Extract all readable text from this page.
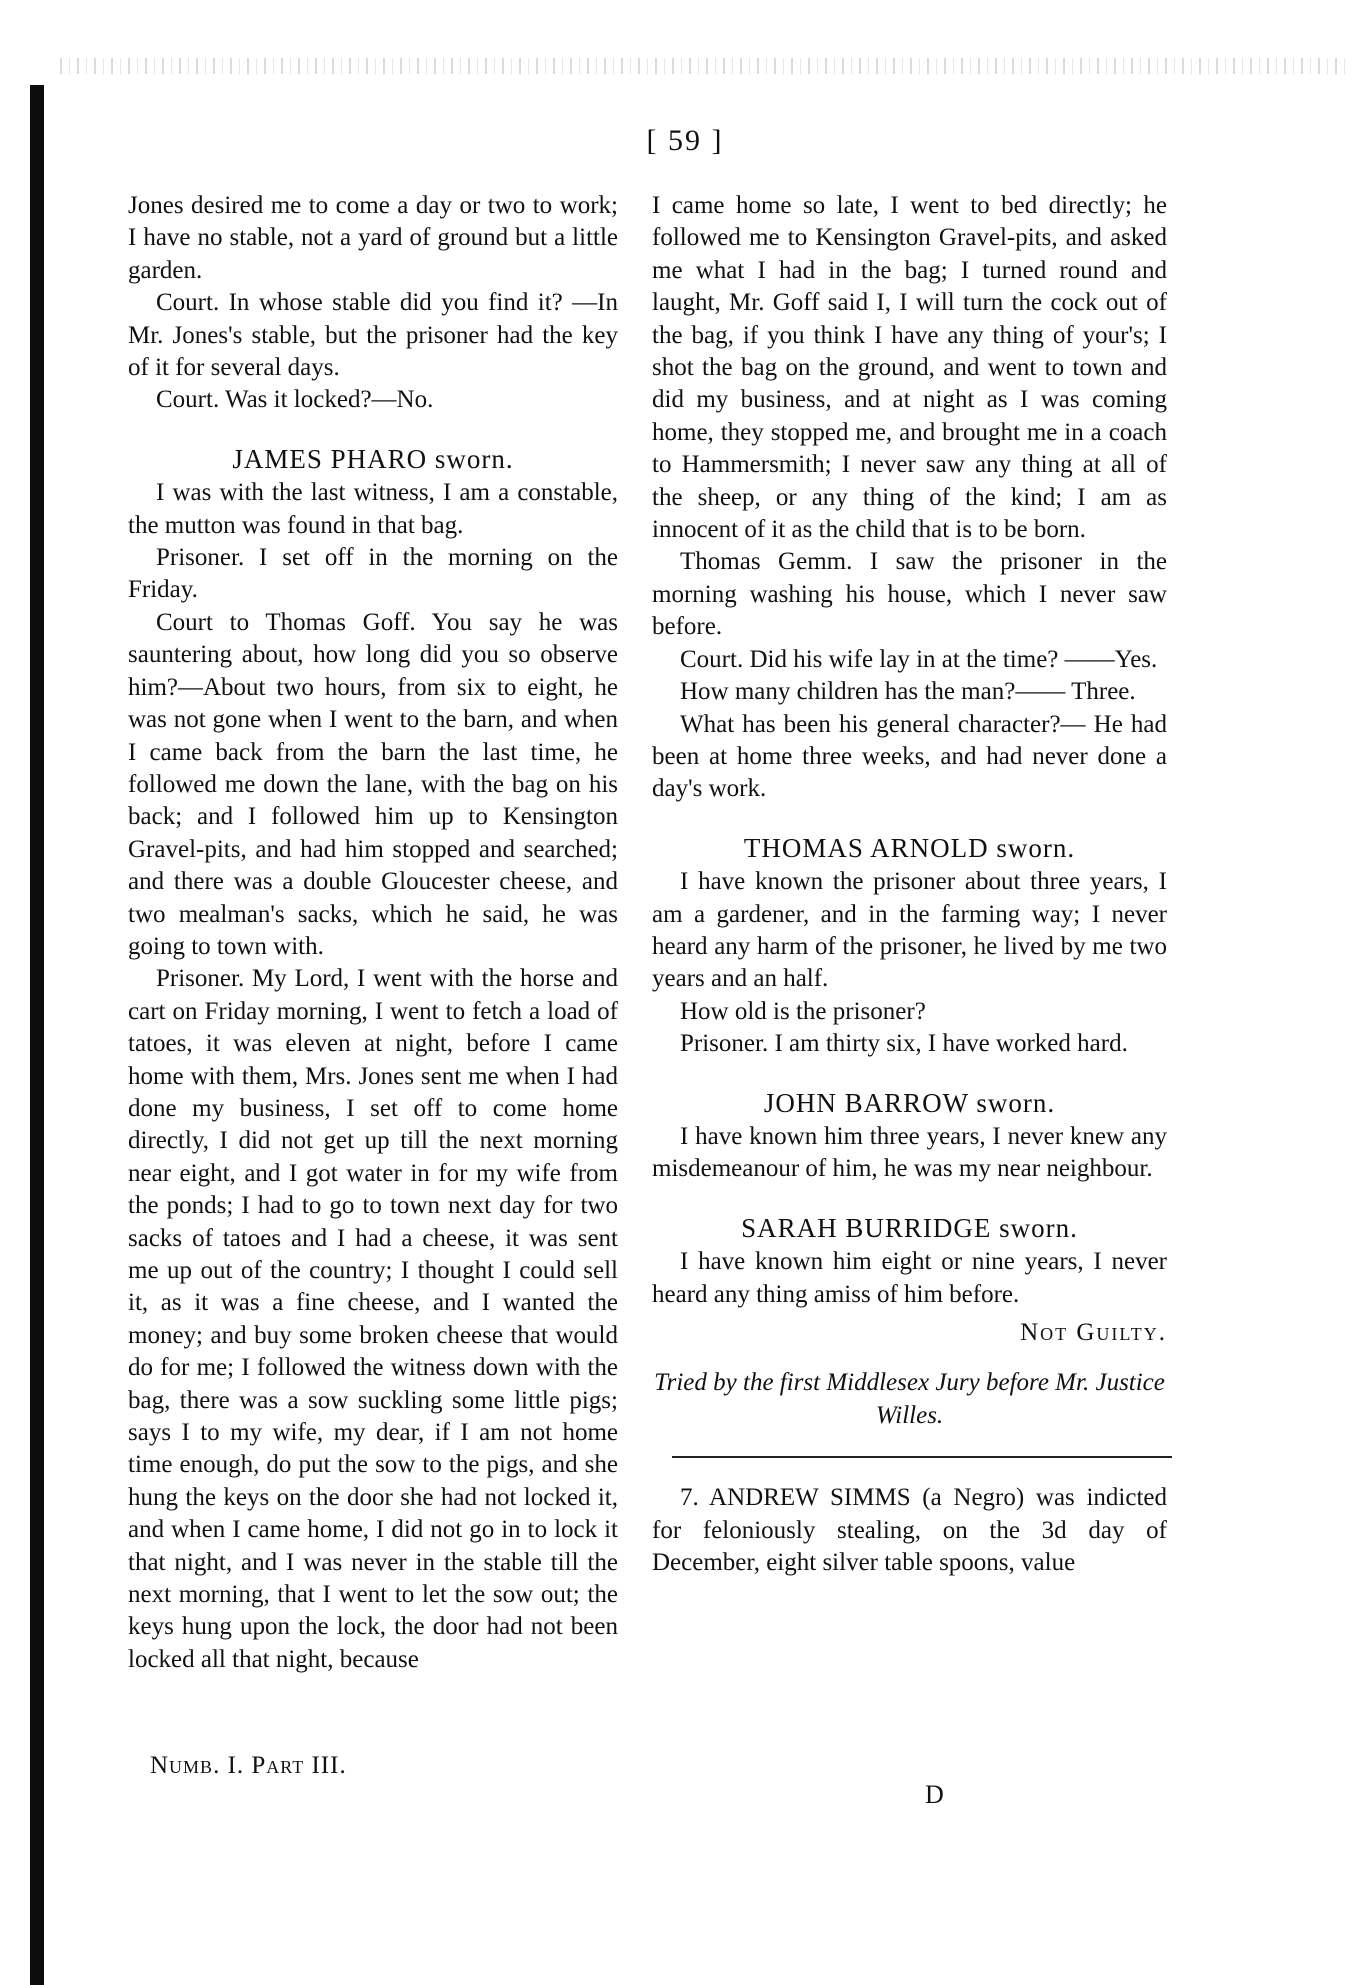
[ 59 ]

Jones desired me to come a day or two to work; I have no stable, not a yard of ground but a little garden.

Court. In whose stable did you find it? —In Mr. Jones's stable, but the prisoner had the key of it for several days.

Court. Was it locked?—No.

JAMES PHARO sworn.

I was with the last witness, I am a constable, the mutton was found in that bag.

Prisoner. I set off in the morning on the Friday.

Court to Thomas Goff. You say he was sauntering about, how long did you so observe him?—About two hours, from six to eight, he was not gone when I went to the barn, and when I came back from the barn the last time, he followed me down the lane, with the bag on his back; and I followed him up to Kensington Gravel-pits, and had him stopped and searched; and there was a double Gloucester cheese, and two mealman's sacks, which he said, he was going to town with.

Prisoner. My Lord, I went with the horse and cart on Friday morning, I went to fetch a load of tatoes, it was eleven at night, before I came home with them, Mrs. Jones sent me when I had done my business, I set off to come home directly, I did not get up till the next morning near eight, and I got water in for my wife from the ponds; I had to go to town next day for two sacks of tatoes and I had a cheese, it was sent me up out of the country; I thought I could sell it, as it was a fine cheese, and I wanted the money; and buy some broken cheese that would do for me; I followed the witness down with the bag, there was a sow suckling some little pigs; says I to my wife, my dear, if I am not home time enough, do put the sow to the pigs, and she hung the keys on the door she had not locked it, and when I came home, I did not go in to lock it that night, and I was never in the stable till the next morning, that I went to let the sow out; the keys hung upon the lock, the door had not been locked all that night, because

I came home so late, I went to bed directly; he followed me to Kensington Gravel-pits, and asked me what I had in the bag; I turned round and laught, Mr. Goff said I, I will turn the cock out of the bag, if you think I have any thing of your's; I shot the bag on the ground, and went to town and did my business, and at night as I was coming home, they stopped me, and brought me in a coach to Hammersmith; I never saw any thing at all of the sheep, or any thing of the kind; I am as innocent of it as the child that is to be born.

Thomas Gemm. I saw the prisoner in the morning washing his house, which I never saw before.

Court. Did his wife lay in at the time? ——Yes.

How many children has the man?—— Three.

What has been his general character?— He had been at home three weeks, and had never done a day's work.

THOMAS ARNOLD sworn.

I have known the prisoner about three years, I am a gardener, and in the farming way; I never heard any harm of the prisoner, he lived by me two years and an half.

How old is the prisoner?

Prisoner. I am thirty six, I have worked hard.

JOHN BARROW sworn.

I have known him three years, I never knew any misdemeanour of him, he was my near neighbour.

SARAH BURRIDGE sworn.

I have known him eight or nine years, I never heard any thing amiss of him before.

Not Guilty.

Tried by the first Middlesex Jury before Mr. Justice Willes.

7. ANDREW SIMMS (a Negro) was indicted for feloniously stealing, on the 3d day of December, eight silver table spoons, value

Numb. I. Part III.
D
